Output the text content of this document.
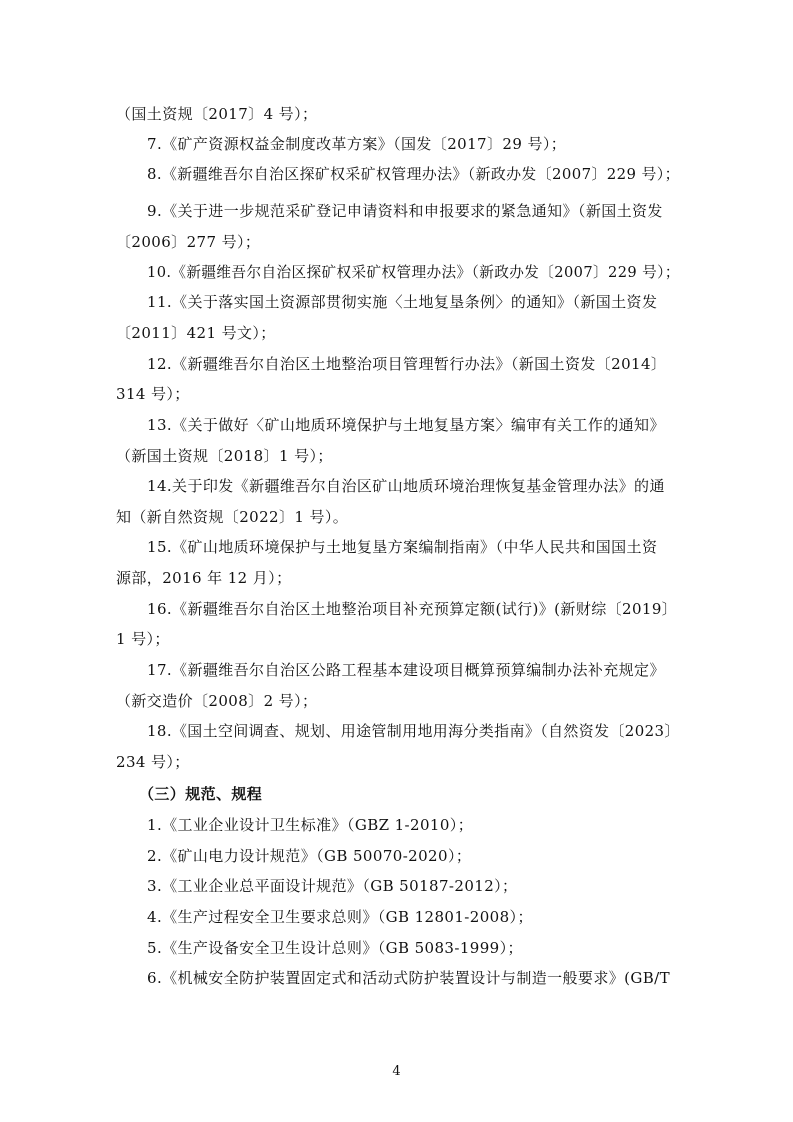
（国土资规〔2017〕4 号）；
7.《矿产资源权益金制度改革方案》（国发〔2017〕29 号）；
8.《新疆维吾尔自治区探矿权采矿权管理办法》（新政办发〔2007〕229 号）；
9.《关于进一步规范采矿登记申请资料和申报要求的紧急通知》（新国土资发
〔2006〕277 号）；
10.《新疆维吾尔自治区探矿权采矿权管理办法》（新政办发〔2007〕229 号）；
11.《关于落实国土资源部贯彻实施〈土地复垦条例〉的通知》（新国土资发
〔2011〕421 号文）；
12.《新疆维吾尔自治区土地整治项目管理暂行办法》（新国土资发〔2014〕
314 号）；
13.《关于做好〈矿山地质环境保护与土地复垦方案〉编审有关工作的通知》
（新国土资规〔2018〕1 号）；
14.关于印发《新疆维吾尔自治区矿山地质环境治理恢复基金管理办法》的通
知（新自然资规〔2022〕1 号）。
15.《矿山地质环境保护与土地复垦方案编制指南》（中华人民共和国国土资
源部，2016 年 12 月）；
16.《新疆维吾尔自治区土地整治项目补充预算定额(试行)》(新财综〔2019〕
1 号）；
17.《新疆维吾尔自治区公路工程基本建设项目概算预算编制办法补充规定》
（新交造价〔2008〕2 号）；
18.《国土空间调查、规划、用途管制用地用海分类指南》（自然资发〔2023〕
234 号）；
（三）规范、规程
1.《工业企业设计卫生标准》（GBZ 1-2010）；
2.《矿山电力设计规范》（GB 50070-2020）；
3.《工业企业总平面设计规范》（GB 50187-2012）；
4.《生产过程安全卫生要求总则》（GB 12801-2008）；
5.《生产设备安全卫生设计总则》（GB 5083-1999）；
6.《机械安全防护装置固定式和活动式防护装置设计与制造一般要求》(GB/T
4
